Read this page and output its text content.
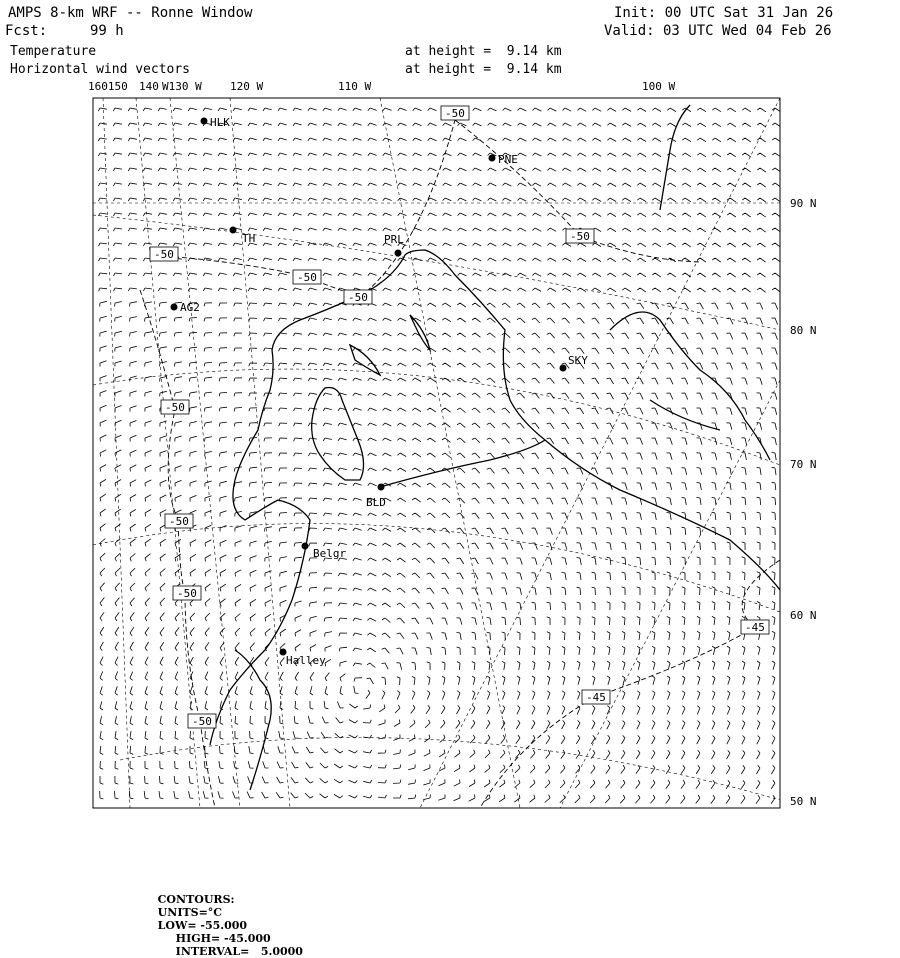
AMPS 8-km WRF -- Ronne Window
Fcst:	99 h
Init: 00 UTC Sat 31 Jan 26
Valid: 03 UTC Wed 04 Feb 26
Temperature	at height =  9.14 km
Horizontal wind vectors	at height =  9.14 km
HLK
PNE
TH	PRL
AG2
SKY
BLD
Belgr
Halley
-50
-50
-50
-50
-50
-50
-50
-50
-50
-45
-45
160150 140 W130 W	120 W	110 W	100 W
90 N
80 N
70 N
60 N
50 N

CONTOURS:
UNITS=°C
LOW= -55.000
HIGH= -45.000
INTERVAL=   5.0000
